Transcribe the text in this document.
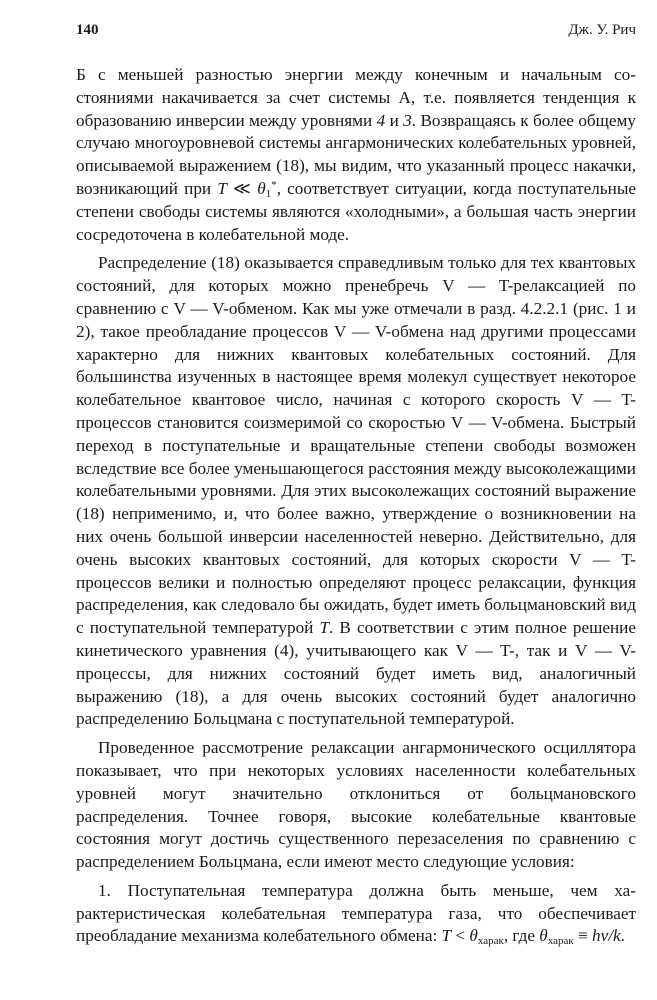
140	Дж. У. Рич

Б с меньшей разностью энергии между конечным и начальным состояниями накачивается за счет системы А, т.е. появляется тенденция к образованию инверсии между уровнями 4 и 3. Возвращаясь к более общему случаю многоуровневой системы ангармонических колебательных уровней, описываемой выражением (18), мы видим, что указанный процесс накачки, возникающий при T ≪ $\theta_1^*$, соответствует ситуации, когда поступательные степени свободы системы являются «холодными», а большая часть энергии сосредоточена в колебательной моде.

Распределение (18) оказывается справедливым только для тех квантовых состояний, для которых можно пренебречь V — T-релаксацией по сравнению с V — V-обменом. Как мы уже отмечали в разд. 4.2.2.1 (рис. 1 и 2), такое преобладание процессов V — V-обмена над другими процессами характерно для нижних квантовых колебательных состояний. Для большинства изученных в настоящее время молекул существует некоторое колебательное квантовое число, начиная с которого скорость V — T-процессов становится соизмеримой со скоростью V — V-обмена. Быстрый переход в поступательные и вращательные степени свободы возможен вследствие все более уменьшающегося расстояния между высоколежащими колебательными уровнями. Для этих высоколежащих состояний выражение (18) неприменимо, и, что более важно, утверждение о возникновении на них очень большой инверсии населенностей неверно. Действительно, для очень высоких квантовых состояний, для которых скорости V — T-процессов велики и полностью определяют процесс релаксации, функция распределения, как следовало бы ожидать, будет иметь больцмановский вид с поступательной температурой T. В соответствии с этим полное решение кинетического уравнения (4), учитывающего как V — T-, так и V — V-процессы, для нижних состояний будет иметь вид, аналогичный выражению (18), а для очень высоких состояний будет аналогично распределению Больцмана с поступательной температурой.

Проведенное рассмотрение релаксации ангармонического осциллятора показывает, что при некоторых условиях населенности колебательных уровней могут значительно отклониться от больцмановского распределения. Точнее говоря, высокие колебательные квантовые состояния могут достичь существенного перезаселения по сравнению с распределением Больцмана, если имеют место следующие условия:

1. Поступательная температура должна быть меньше, чем характеристическая колебательная температура газа, что обеспечивает преобладание механизма колебательного обмена: $T < \theta_{харак}$, где $\theta_{харак} \equiv h\nu/k$.
